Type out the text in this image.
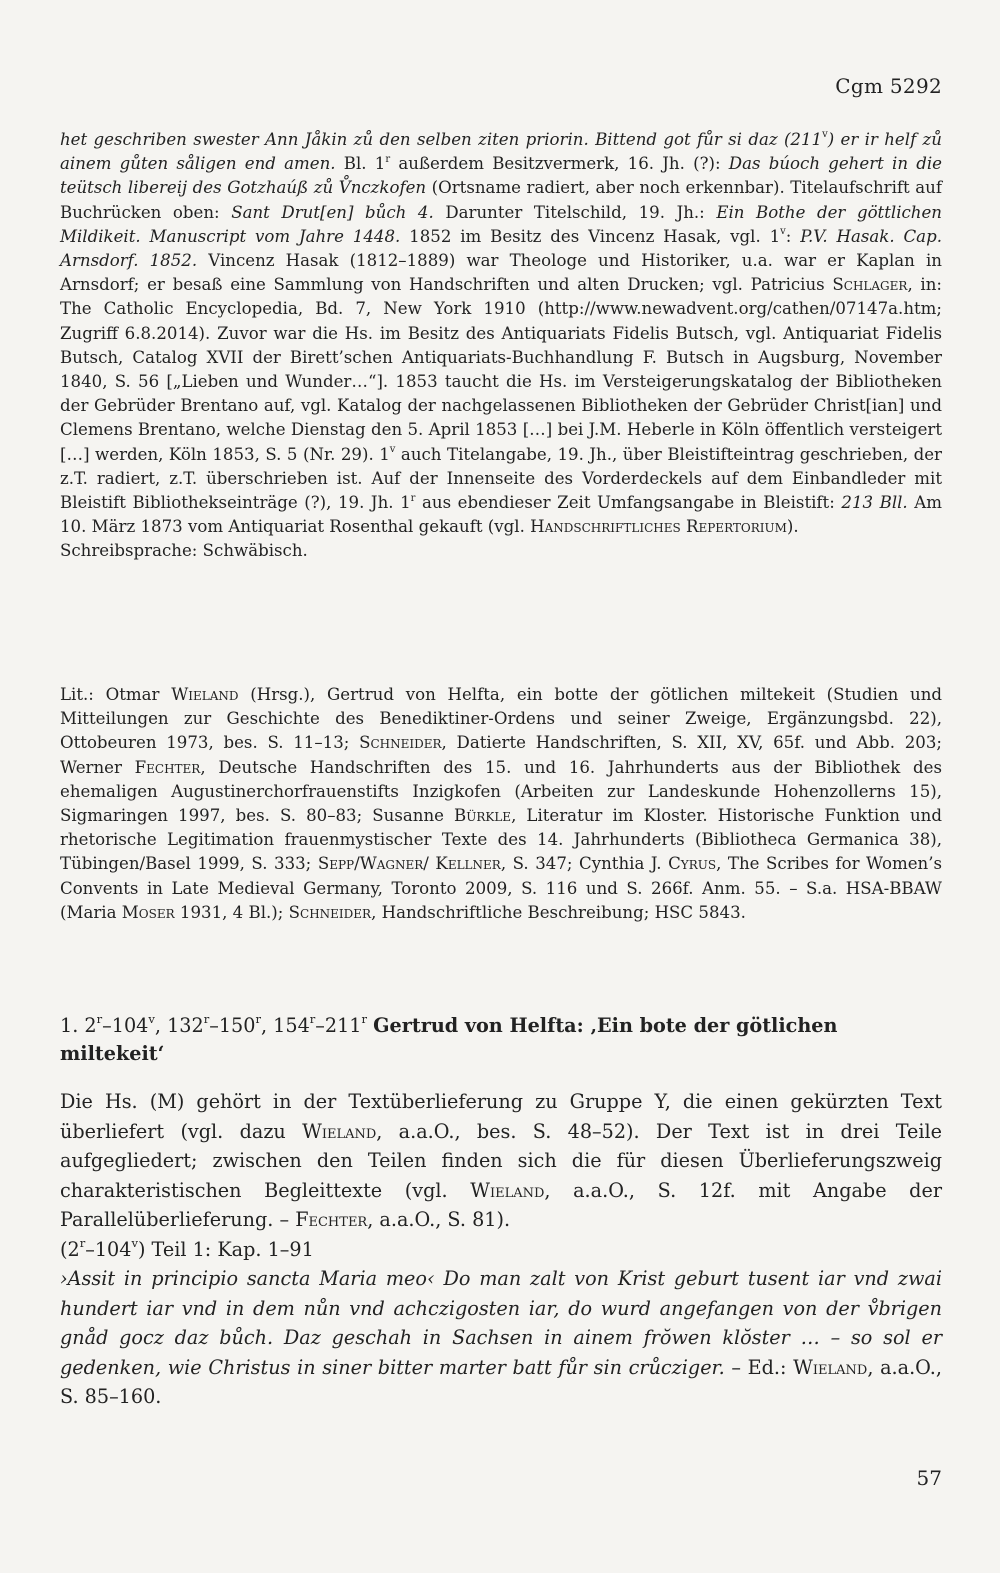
Cgm 5292

het geschriben swester Ann Jåkin zů den selben ziten priorin. Bittend got fůr si daz (211$^v$) er ir helf zů ainem gůten såligen end amen. Bl. 1$^r$ außerdem Besitzvermerk, 16. Jh. (?): Das búoch gehert in die teütsch libereij des Gotzhaúß zů V̊nczkofen (Ortsname radiert, aber noch erkennbar). Titelaufschrift auf Buchrücken oben: Sant Drut[en] bůch 4. Darunter Titelschild, 19. Jh.: Ein Bothe der göttlichen Mildikeit. Manuscript vom Jahre 1448. 1852 im Besitz des Vincenz Hasak, vgl. 1$^v$: P.V. Hasak. Cap. Arnsdorf. 1852. Vincenz Hasak (1812–1889) war Theologe und Historiker, u.a. war er Kaplan in Arnsdorf; er besaß eine Sammlung von Handschriften und alten Drucken; vgl. Patricius Schlager, in: The Catholic Encyclopedia, Bd. 7, New York 1910 (http://www.newadvent.org/cathen/07147a.htm; Zugriff 6.8.2014). Zuvor war die Hs. im Besitz des Antiquariats Fidelis Butsch, vgl. Antiquariat Fidelis Butsch, Catalog XVII der Birett’schen Antiquariats-Buchhandlung F. Butsch in Augsburg, November 1840, S. 56 [„Lieben und Wunder…“]. 1853 taucht die Hs. im Versteigerungskatalog der Bibliotheken der Gebrüder Brentano auf, vgl. Katalog der nachgelassenen Bibliotheken der Gebrüder Christ[ian] und Clemens Brentano, welche Dienstag den 5. April 1853 […] bei J.M. Heberle in Köln öffentlich versteigert […] werden, Köln 1853, S. 5 (Nr. 29). 1$^v$ auch Titelangabe, 19. Jh., über Bleistifteintrag geschrieben, der z.T. radiert, z.T. überschrieben ist. Auf der Innenseite des Vorderdeckels auf dem Einbandleder mit Bleistift Bibliothekseinträge (?), 19. Jh. 1$^r$ aus ebendieser Zeit Umfangsangabe in Bleistift: 213 Bll. Am 10. März 1873 vom Antiquariat Rosenthal gekauft (vgl. Handschriftliches Repertorium).

Schreibsprache: Schwäbisch.

Lit.: Otmar Wieland (Hrsg.), Gertrud von Helfta, ein botte der götlichen miltekeit (Studien und Mitteilungen zur Geschichte des Benediktiner-Ordens und seiner Zweige, Ergänzungsbd. 22), Ottobeuren 1973, bes. S. 11–13; Schneider, Datierte Handschriften, S. XII, XV, 65f. und Abb. 203; Werner Fechter, Deutsche Handschriften des 15. und 16. Jahrhunderts aus der Bibliothek des ehemaligen Augustinerchorfrauenstifts Inzigkofen (Arbeiten zur Landeskunde Hohenzollerns 15), Sigmaringen 1997, bes. S. 80–83; Susanne Bürkle, Literatur im Kloster. Historische Funktion und rhetorische Legitimation frauenmystischer Texte des 14. Jahrhunderts (Bibliotheca Germanica 38), Tübingen/Basel 1999, S. 333; Sepp/Wagner/ Kellner, S. 347; Cynthia J. Cyrus, The Scribes for Women’s Convents in Late Medieval Germany, Toronto 2009, S. 116 und S. 266f. Anm. 55. – S.a. HSA-BBAW (Maria Moser 1931, 4 Bl.); Schneider, Handschriftliche Beschreibung; HSC 5843.

1. 2$^r$–104$^v$, 132$^r$–150$^r$, 154$^r$–211$^r$ Gertrud von Helfta: ‚Ein bote der götlichen miltekeit‘

Die Hs. (M) gehört in der Textüberlieferung zu Gruppe Y, die einen gekürzten Text überliefert (vgl. dazu Wieland, a.a.O., bes. S. 48–52). Der Text ist in drei Teile aufgegliedert; zwischen den Teilen finden sich die für diesen Überlieferungszweig charakteristischen Begleittexte (vgl. Wieland, a.a.O., S. 12f. mit Angabe der Parallelüberlieferung. – Fechter, a.a.O., S. 81).

(2$^r$–104$^v$) Teil 1: Kap. 1–91

›Assit in principio sancta Maria meo‹ Do man zalt von Krist geburt tusent iar vnd zwai hundert iar vnd in dem nůn vnd achczigosten iar, do wurd angefangen von der v̊brigen gnåd gocz daz bůch. Daz geschah in Sachsen in ainem frŏwen klŏster … – so sol er gedenken, wie Christus in siner bitter marter batt fůr sin crůcziger. – Ed.: Wieland, a.a.O., S. 85–160.

57
